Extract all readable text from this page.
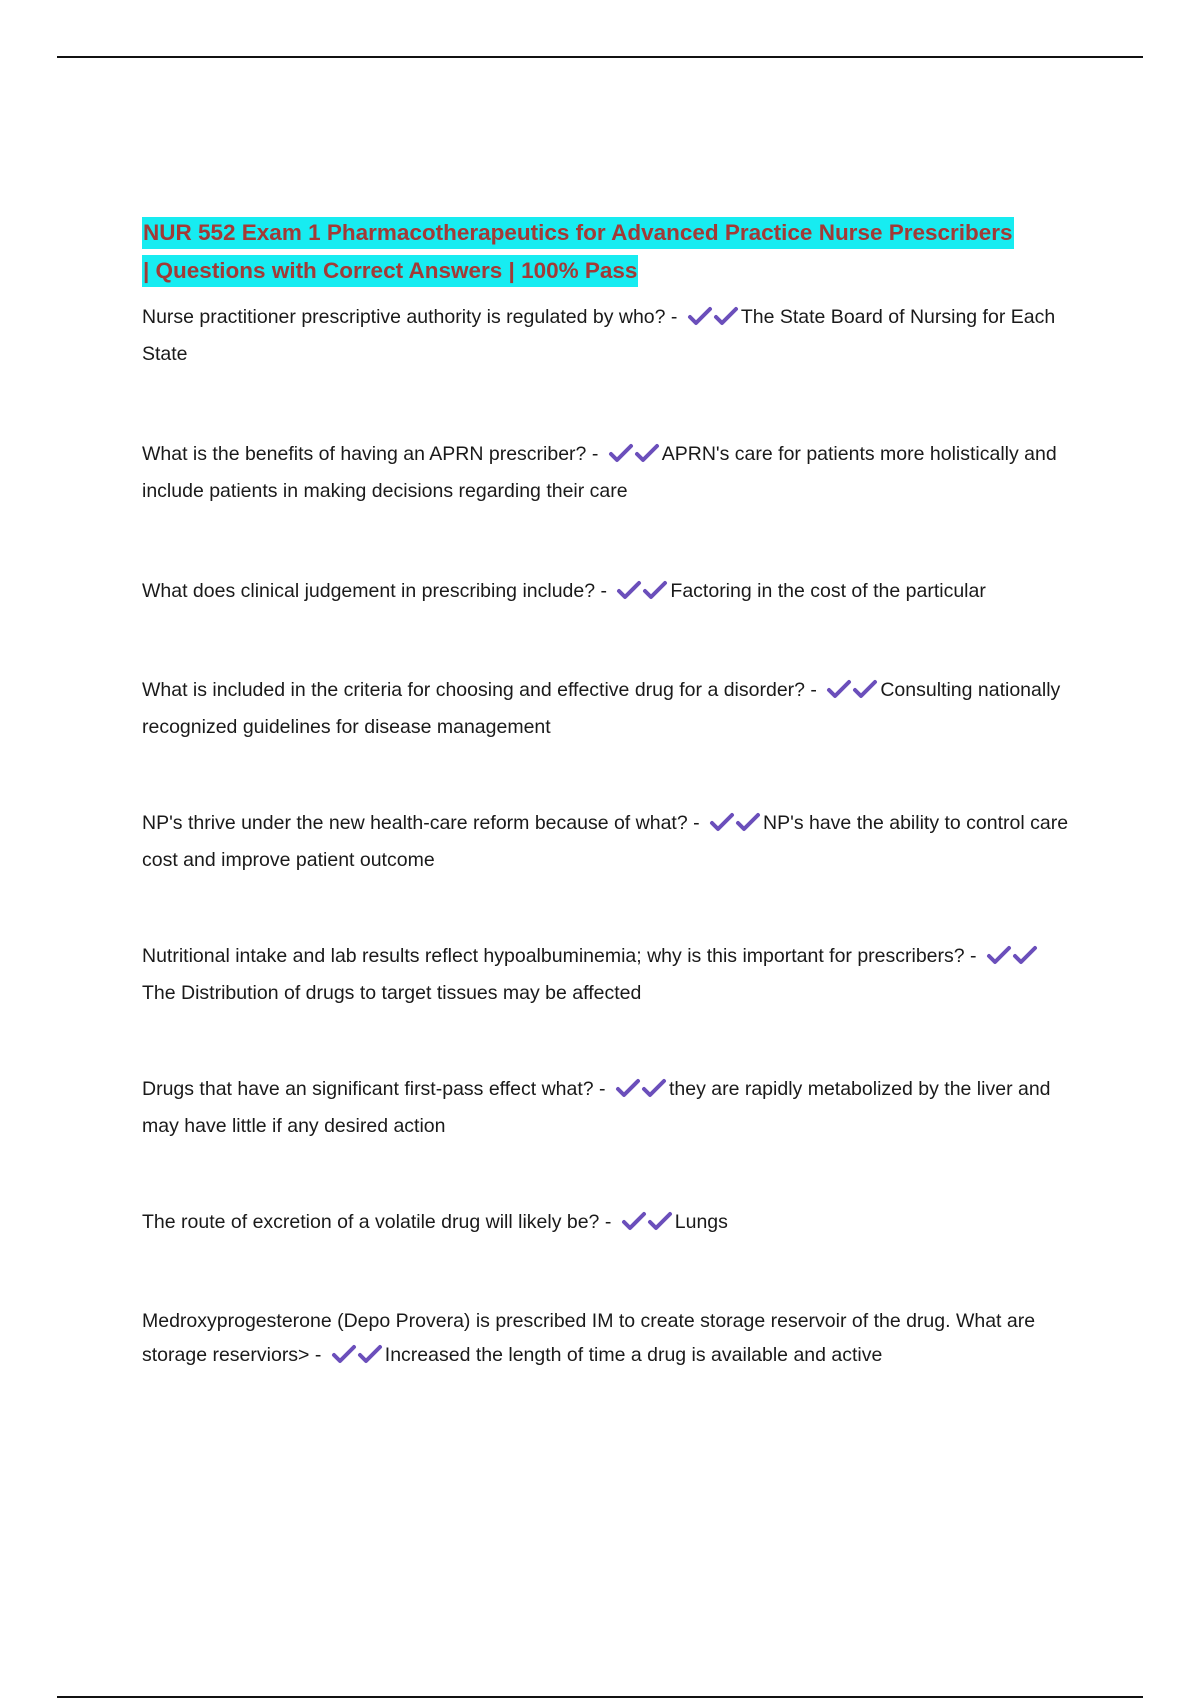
NUR 552 Exam 1 Pharmacotherapeutics for Advanced Practice Nurse Prescribers
| Questions with Correct Answers | 100% Pass

Nurse practitioner prescriptive authority is regulated by who? -	The State Board of Nursing for Each State

What is the benefits of having an APRN prescriber? -	APRN's care for patients more holistically and include patients in making decisions regarding their care

What does clinical judgement in prescribing include? -	Factoring in the cost of the particular

What is included in the criteria for choosing and effective drug for a disorder? -	Consulting nationally recognized guidelines for disease management

NP's thrive under the new health-care reform because of what? -	NP's have the ability to control care cost and improve patient outcome

Nutritional intake and lab results reflect hypoalbuminemia; why is this important for prescribers? - The Distribution of drugs to target tissues may be affected

Drugs that have an significant first-pass effect what? -	they are rapidly metabolized by the liver and may have little if any desired action

The route of excretion of a volatile drug will likely be? -	Lungs

Medroxyprogesterone (Depo Provera) is prescribed IM to create storage reservoir of the drug. What are storage reserviors> -	Increased the length of time a drug is available and active
